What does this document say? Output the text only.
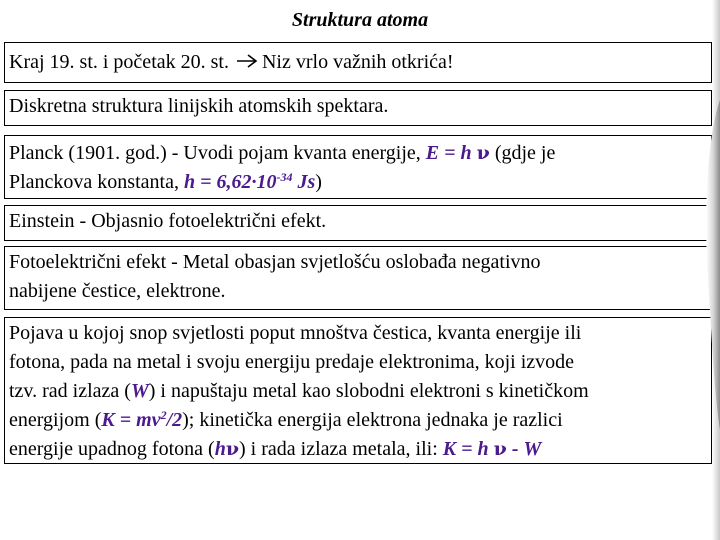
Struktura atoma
Kraj 19. st. i početak 20. st. Niz vrlo važnih otkrića!
Diskretna struktura linijskih atomskih spektara.
Planck (1901. god.) - Uvodi pojam kvanta energije, E = h ν (gdje je
Planckova konstanta, $h = 6,62\cdot 10^{-34}$ Js)
Einstein - Objasnio fotoelektrični efekt.
Fotoelektrični efekt - Metal obasjan svjetlošću oslobađa negativno
nabijene čestice, elektrone.
Pojava u kojoj snop svjetlosti poput mnoštva čestica, kvanta energije ili
fotona, pada na metal i svoju energiju predaje elektronima, koji izvode
tzv. rad izlaza (W) i napuštaju metal kao slobodni elektroni s kinetičkom
energijom $(K = mv^2/2)$; kinetička energija elektrona jednaka je razlici
energije upadnog fotona (hν) i rada izlaza metala, ili: K = h ν - W
